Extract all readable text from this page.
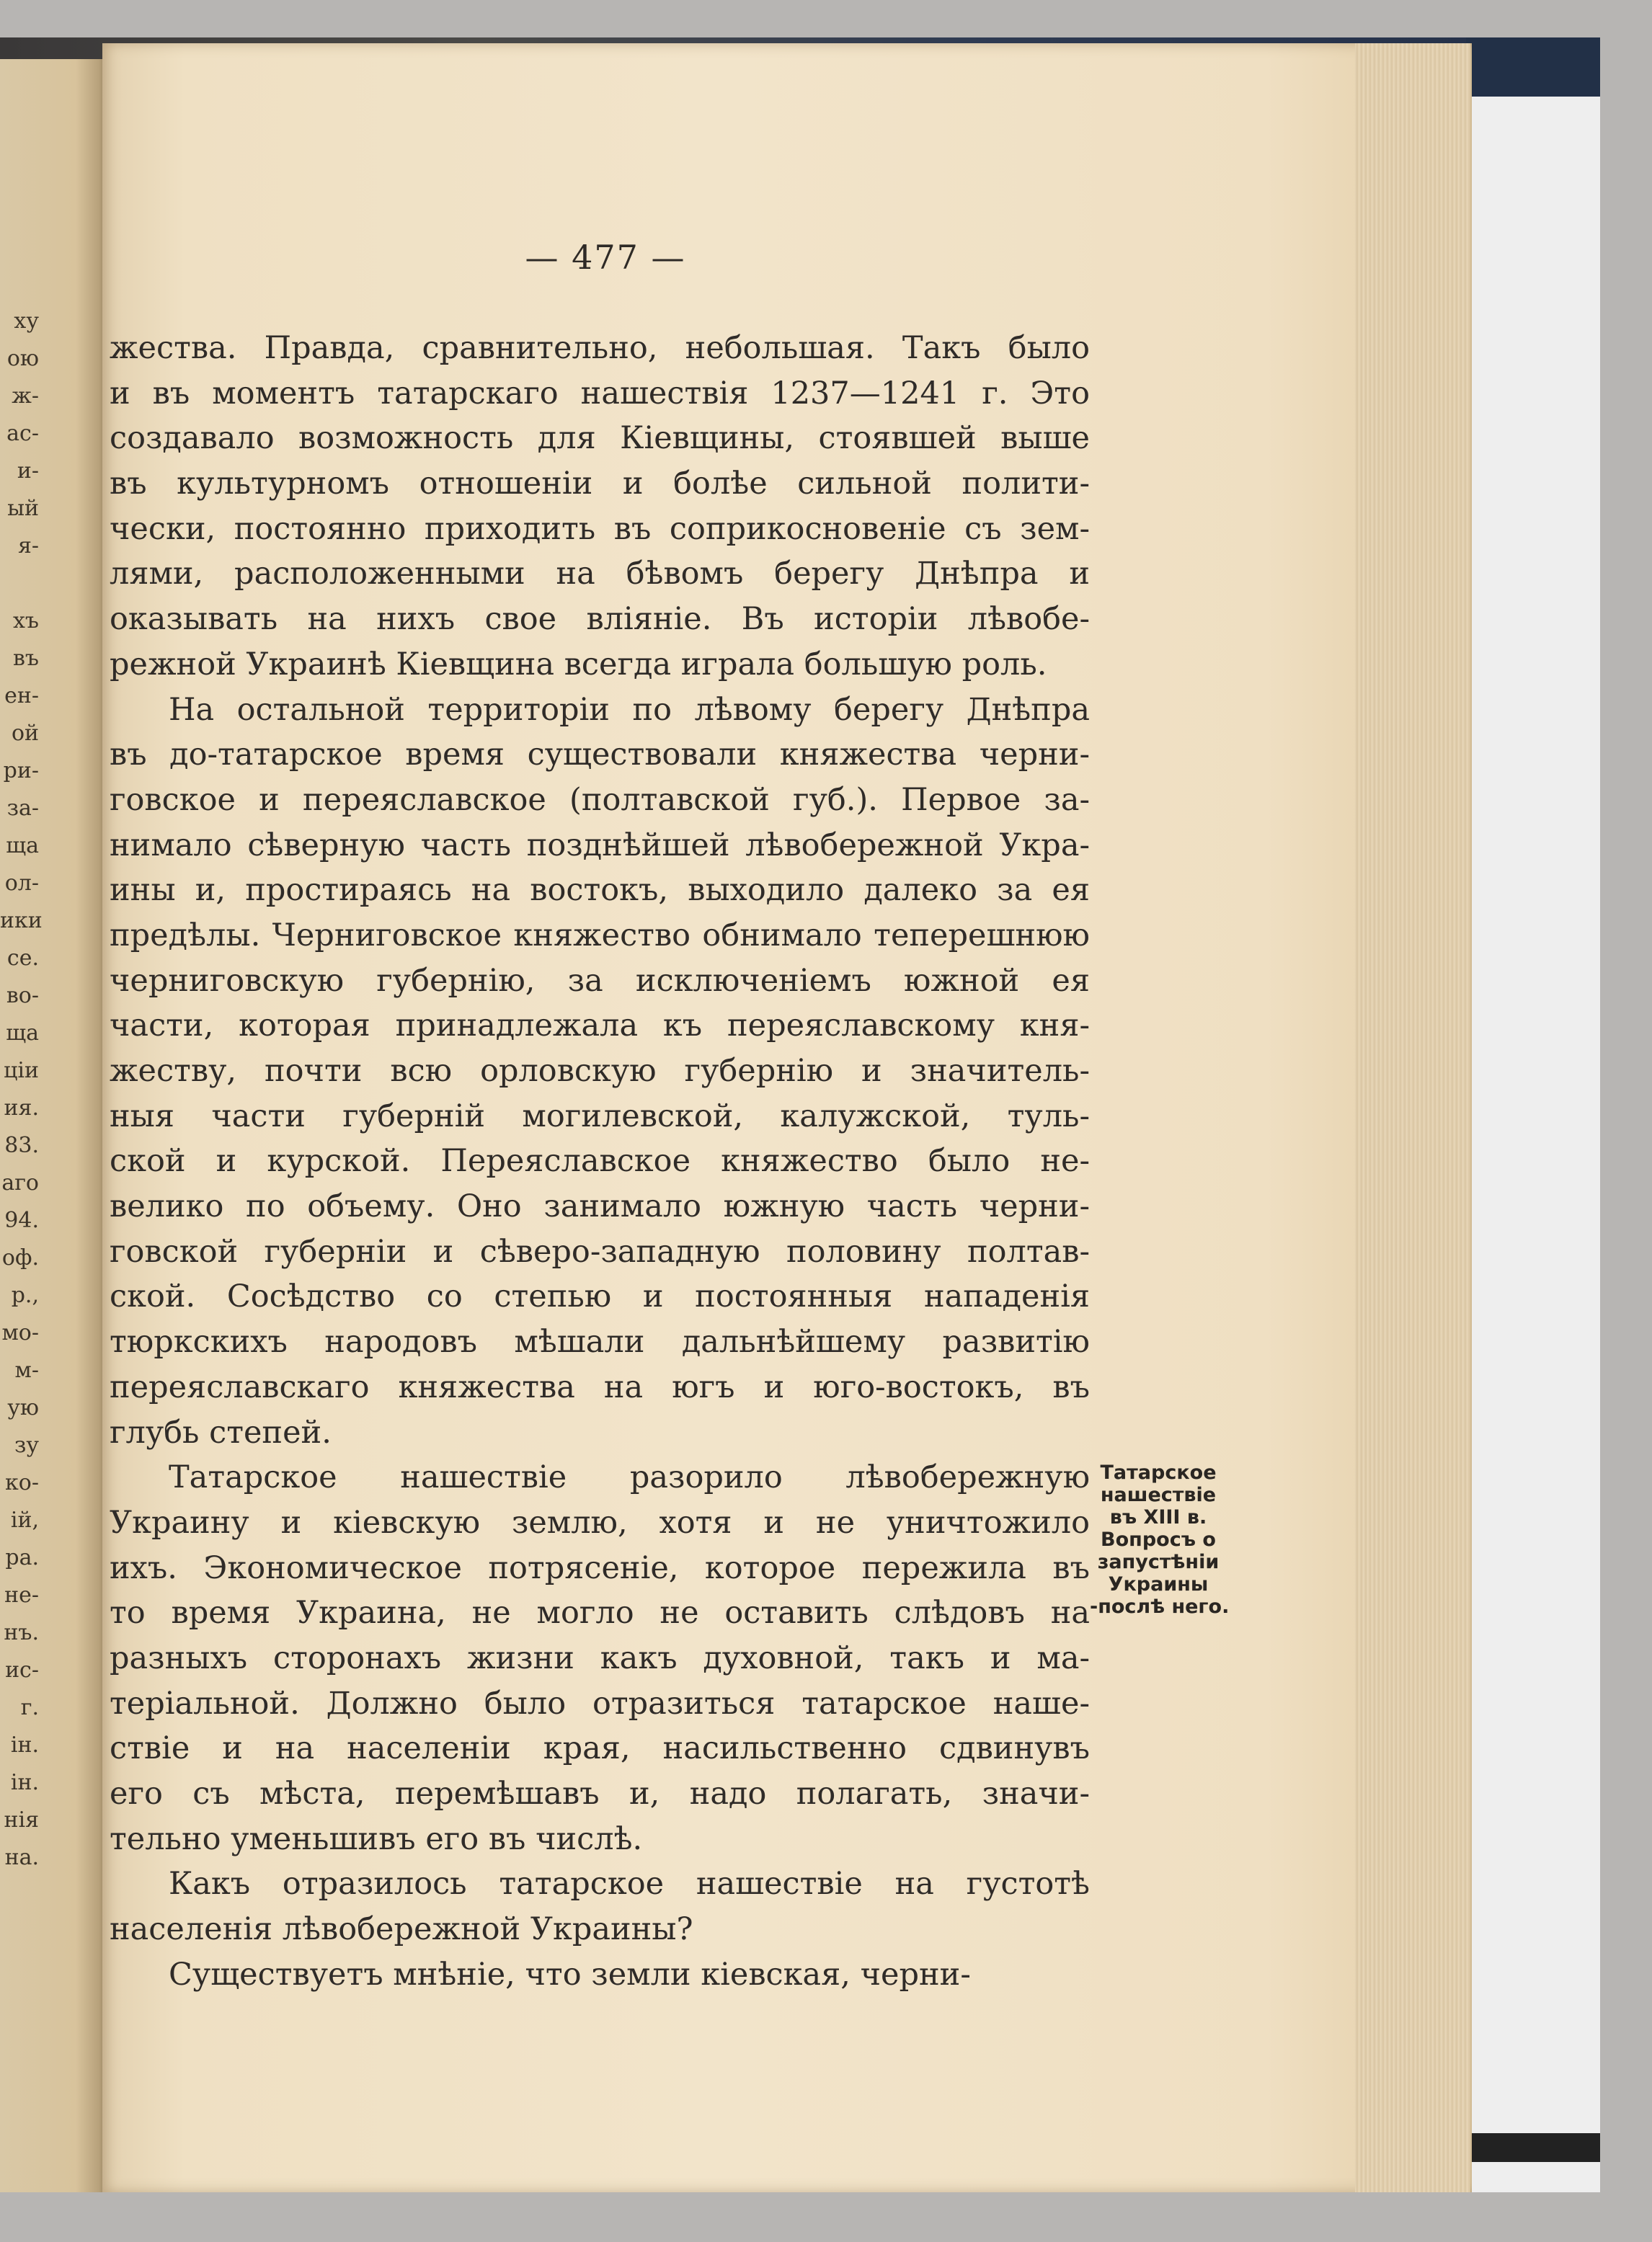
ху
ою
ж-
ас-
и-
ый
я-

хъ
въ
ен-
ой
ри-
за-
ща
ол-
ики
се.
во-
ща
ціи
ия.
83.
аго
94.
оф.
р.,
мо-
м-
ую
зу
ко-
ій,
ра.
не-
нъ.
ис-
г.
ін.
ін.
нія
на.
— 477 —
жества. Правда, сравнительно, небольшая. Такъ было
и въ моментъ татарскаго нашествія 1237—1241 г. Это
создавало возможность для Кіевщины, стоявшей выше
въ культурномъ отношеніи и болѣе сильной полити-
чески, постоянно приходить въ соприкосновеніе съ зем-
лями, расположенными на бѣвомъ берегу Днѣпра и
оказывать на нихъ свое вліяніе. Въ исторіи лѣвобе-
режной Украинѣ Кіевщина всегда играла большую роль.
На остальной территоріи по лѣвому берегу Днѣпра
въ до-татарское время существовали княжества черни-
говское и переяславское (полтавской губ.). Первое за-
нимало сѣверную часть позднѣйшей лѣвобережной Укра-
ины и, простираясь на востокъ, выходило далеко за ея
предѣлы. Черниговское княжество обнимало теперешнюю
черниговскую губернію, за исключеніемъ южной ея
части, которая принадлежала къ переяславскому кня-
жеству, почти всю орловскую губернію и значитель-
ныя части губерній могилевской, калужской, туль-
ской и курской. Переяславское княжество было не-
велико по объему. Оно занимало южную часть черни-
говской губерніи и сѣверо-западную половину полтав-
ской. Сосѣдство со степью и постоянныя нападенія
тюркскихъ народовъ мѣшали дальнѣйшему развитію
переяславскаго княжества на югъ и юго-востокъ, въ
глубь степей.
Татарское нашествіе разорило лѣвобережную
Украину и кіевскую землю, хотя и не уничтожило
ихъ. Экономическое потрясеніе, которое пережила въ
то время Украина, не могло не оставить слѣдовъ на
разныхъ сторонахъ жизни какъ духовной, такъ и ма-
теріальной. Должно было отразиться татарское наше-
ствіе и на населеніи края, насильственно сдвинувъ
его съ мѣста, перемѣшавъ и, надо полагать, значи-
тельно уменьшивъ его въ числѣ.
Какъ отразилось татарское нашествіе на густотѣ
населенія лѣвобережной Украины?
Существуетъ мнѣніе, что земли кіевская, черни-
Татарское
нашествіе
въ XIII в.
Вопросъ о
запустѣніи
Украины
-послѣ него.
